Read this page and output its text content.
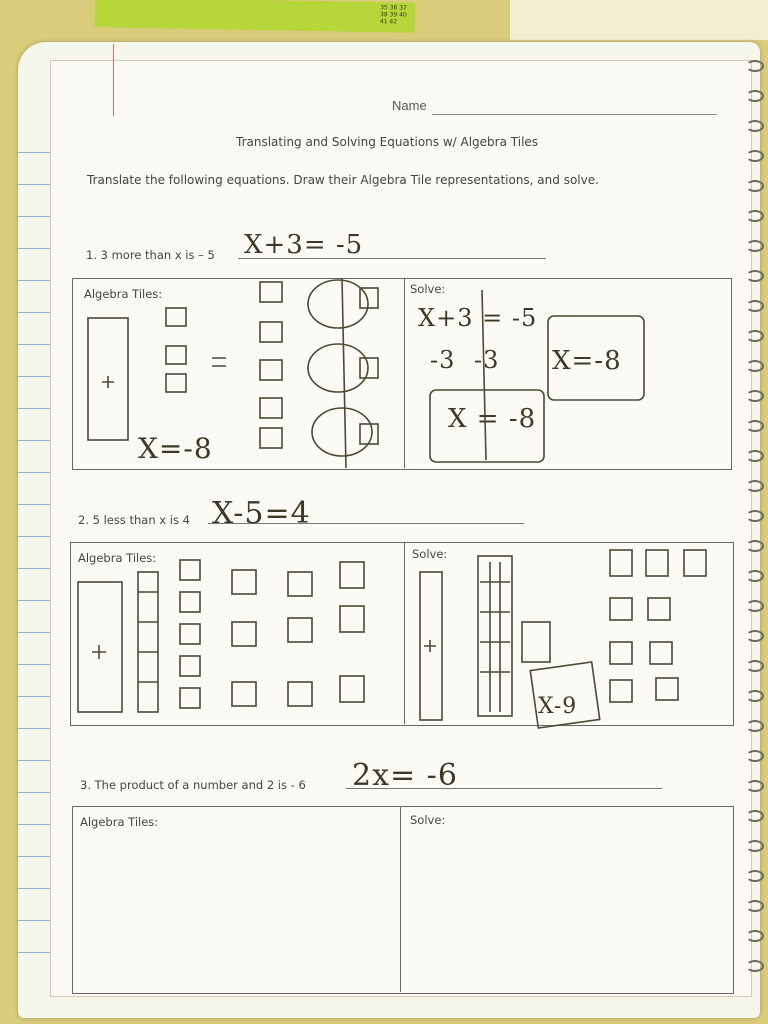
35 36 37 38 39 40 41 42
Name
Translating and Solving Equations w/ Algebra Tiles
Translate the following equations. Draw their Algebra Tile representations, and solve.
1. 3 more than x is – 5 X+3= -5
Algebra Tiles:	Solve:
X=-8
X+3 = -5
-3 -3
X = -8
X=-8
2. 5 less than x is 4 X-5=4
Algebra Tiles:	Solve:
X-9
3. The product of a number and 2 is - 6 2x= -6
Algebra Tiles:	Solve:
